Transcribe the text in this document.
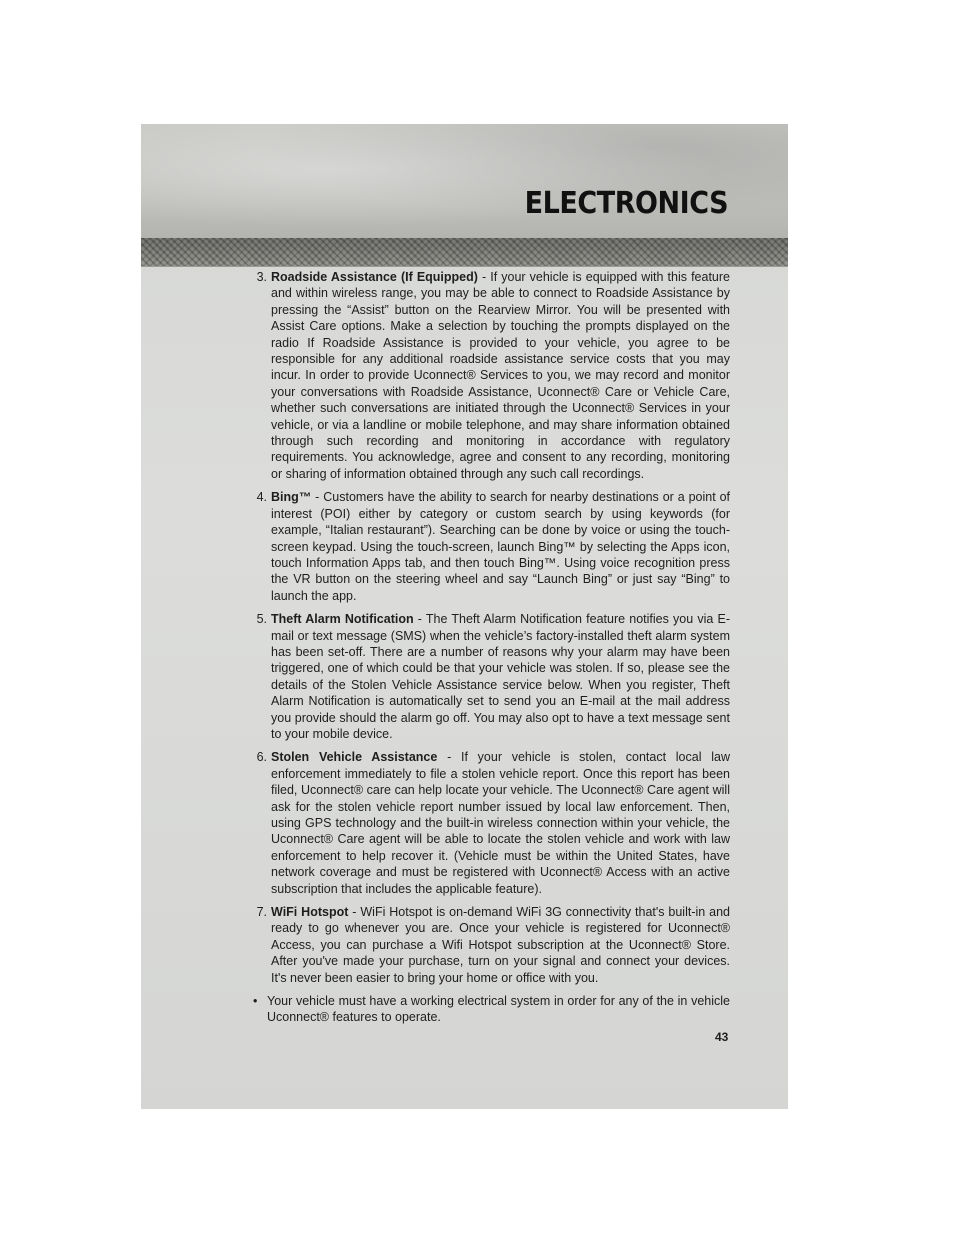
ELECTRONICS
3. Roadside Assistance (If Equipped) - If your vehicle is equipped with this feature and within wireless range, you may be able to connect to Roadside Assistance by pressing the “Assist” button on the Rearview Mirror. You will be presented with Assist Care options. Make a selection by touching the prompts displayed on the radio If Roadside Assistance is provided to your vehicle, you agree to be responsible for any additional roadside assistance service costs that you may incur. In order to provide Uconnect® Services to you, we may record and monitor your conversations with Roadside Assistance, Uconnect® Care or Vehicle Care, whether such conversations are initiated through the Uconnect® Services in your vehicle, or via a landline or mobile telephone, and may share information obtained through such recording and monitoring in accordance with regulatory requirements. You acknowledge, agree and consent to any recording, monitoring or sharing of information obtained through any such call recordings.
4. Bing™ - Customers have the ability to search for nearby destinations or a point of interest (POI) either by category or custom search by using keywords (for example, “Italian restaurant”). Searching can be done by voice or using the touch-screen keypad. Using the touch-screen, launch Bing™ by selecting the Apps icon, touch Information Apps tab, and then touch Bing™. Using voice recognition press the VR button on the steering wheel and say “Launch Bing” or just say “Bing” to launch the app.
5. Theft Alarm Notification - The Theft Alarm Notification feature notifies you via E-mail or text message (SMS) when the vehicle’s factory-installed theft alarm system has been set-off. There are a number of reasons why your alarm may have been triggered, one of which could be that your vehicle was stolen. If so, please see the details of the Stolen Vehicle Assistance service below. When you register, Theft Alarm Notification is automatically set to send you an E-mail at the mail address you provide should the alarm go off. You may also opt to have a text message sent to your mobile device.
6. Stolen Vehicle Assistance - If your vehicle is stolen, contact local law enforcement immediately to file a stolen vehicle report. Once this report has been filed, Uconnect® care can help locate your vehicle. The Uconnect® Care agent will ask for the stolen vehicle report number issued by local law enforcement. Then, using GPS technology and the built-in wireless connection within your vehicle, the Uconnect® Care agent will be able to locate the stolen vehicle and work with law enforcement to help recover it. (Vehicle must be within the United States, have network coverage and must be registered with Uconnect® Access with an active subscription that includes the applicable feature).
7. WiFi Hotspot - WiFi Hotspot is on-demand WiFi 3G connectivity that's built-in and ready to go whenever you are. Once your vehicle is registered for Uconnect® Access, you can purchase a Wifi Hotspot subscription at the Uconnect® Store. After you've made your purchase, turn on your signal and connect your devices. It's never been easier to bring your home or office with you.
• Your vehicle must have a working electrical system in order for any of the in vehicle Uconnect® features to operate.
43
